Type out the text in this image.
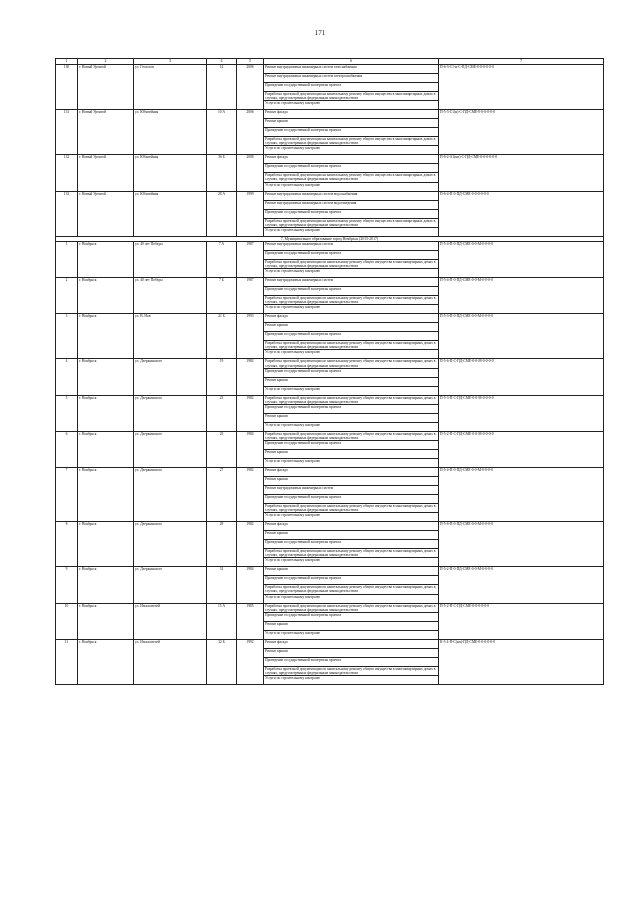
171
1	2	3	4	5	6	7
130	г. Новый Уренгой	ул. Геологов	14	2006	Ремонт внутридомовых инженерных систем газоснабжения	П-6-3-С1-н-С-ПД-СМЕ-0-0-0-0-0-0
					Ремонт внутридомовых инженерных систем электроснабжения	
					Проведение государственной экспертизы проекта	
					Разработка проектной документации на капитальному ремонту общего имущества в многоквартирных домах в случаях, предусмотренных федеральным законодательством	
					Услуги по строительному контролю	
131	г. Новый Уренгой	ул. Юбилейная	10 А	2006	Ремонт фасада	П-5-3-С1(н)-С-ПД-СМЕ-0-0-0-0-0-0
					Ремонт крыши	
					Проведение государственной экспертизы проекта	
					Разработка проектной документации на капитальному ремонту общего имущества в многоквартирных домах в случаях, предусмотренных федеральным законодательством	
					Услуги по строительному контролю	
132	г. Новый Уренгой	ул. Юбилейная	36 Б	2008	Ремонт фасада	П-6-2-А1(нп)-С-ПД-СМЕ-0-0-0-0-0-0
					Проведение государственной экспертизы проекта	
					Разработка проектной документации на капитальному ремонту общего имущества в многоквартирных домах в случаях, предусмотренных федеральным законодательством	
					Услуги по строительному контролю	
133	г. Новый Уренгой	ул. Юбилейная	28 А	1999	Ремонт внутридомовых инженерных систем водоснабжения	П-6-4-П-0-ПД-СМЕ-0-0-0-0-0-0
					Ремонт внутридомовых инженерных систем водоотведения	
					Проведение государственной экспертизы проекта	
					Разработка проектной документации на капитальному ремонту общего имущества в многоквартирных домах в случаях, предусмотренных федеральным законодательством	
					Услуги по строительному контролю	
7. Муниципальное образование город Ноябрьск (2015-2017)						
1	г. Ноябрьск	ул. 40 лет Победы	7 А	1987	Ремонт внутридомовых инженерных систем	П-5-4-П-0-ПД-СМЕ-0-0-М-0-0-0-0
					Проведение государственной экспертизы проекта	
					Разработка проектной документации по капитальному ремонту общего имущества в многоквартирных домах в случаях, предусмотренных федеральным законодательством	
					Услуги по строительному контролю	
2	г. Ноябрьск	ул. 40 лет Победы	7 Б	1987	Ремонт внутридомовых инженерных систем	П-5-4-П-0-ПД-СМЕ-0-0-М-0-0-0-0
					Проведение государственной экспертизы проекта	
					Разработка проектной документации по капитальному ремонту общего имущества в многоквартирных домах в случаях, предусмотренных федеральным законодательством	
					Услуги по строительному контролю	
3	г. Ноябрьск	ул. В. Нов	21 Б	1993	Ремонт фасада	П-5-3-П-0-ПД-СМЕ-0-0-М-0-0-0-0
					Ремонт крыши	
					Проведение государственной экспертизы проекта	
					Разработка проектной документации по капитальному ремонту общего имущества в многоквартирных домах в случаях, предусмотренных федеральным законодательством	
					Услуги по строительному контролю	
4	г. Ноябрьск	ул. Дзержинского	19	1982	Разработка проектной документации по капитальному ремонту общего имущества в многоквартирных домах в случаях, предусмотренных федеральным законодательством	П-5-6-П-С-ПД-СМЕ-0-0-М-0-0-0-0
					Проведение государственной экспертизы проекта	
					Ремонт крыши	
					Услуги по строительному контролю	
5	г. Ноябрьск	ул. Дзержинского	23	1982	Разработка проектной документации по капитальному ремонту общего имущества в многоквартирных домах в случаях, предусмотренных федеральным законодательством	П-5-3-П-С-ПД-СМЕ-0-0-М-0-0-0-0
					Проведение государственной экспертизы проекта	
					Ремонт крыши	
					Услуги по строительному контролю	
6	г. Ноябрьск	ул. Дзержинского	25	1984	Разработка проектной документации по капитальному ремонту общего имущества в многоквартирных домах в случаях, предусмотренных федеральным законодательством	П-5-2-П-С-ПД-СМЕ-0-0-М-0-0-0-0
					Проведение государственной экспертизы проекта	
					Ремонт крыши	
					Услуги по строительному контролю	
7	г. Ноябрьск	ул. Дзержинского	27	1982	Ремонт фасада	П-5-4-П-0-ПД-СМЕ-0-0-М-0-0-0-0
					Ремонт крыши	
					Ремонт внутридомовых инженерных систем	
					Проведение государственной экспертизы проекта	
					Разработка проектной документации по капитальному ремонту общего имущества в многоквартирных домах в случаях, предусмотренных федеральным законодательством	
					Услуги по строительному контролю	
8	г. Ноябрьск	ул. Дзержинского	29	1982	Ремонт фасада	П-5-6-П-0-ПД-СМЕ-0-0-М-0-0-0-0
					Ремонт крыши	
					Проведение государственной экспертизы проекта	
					Разработка проектной документации по капитальному ремонту общего имущества в многоквартирных домах в случаях, предусмотренных федеральным законодательством	
					Услуги по строительному контролю	
9	г. Ноябрьск	ул. Дзержинского	31	1984	Ремонт крыши	П-5-2-П-0-ПД-СМЕ-0-0-М-0-0-0-0
					Проведение государственной экспертизы проекта	
					Разработка проектной документации по капитальному ремонту общего имущества в многоквартирных домах в случаях, предусмотренных федеральным законодательством	
					Услуги по строительному контролю	
10	г. Ноябрьск	ул. Изыскателей	15 А	1985	Разработка проектной документации по капитальному ремонту общего имущества в многоквартирных домах в случаях, предусмотренных федеральным законодательством	П-5-2-П-С-ПД-СМЕ-0-0-0-0-0-0
					Проведение государственной экспертизы проекта	
					Ремонт крыши	
					Услуги по строительному контролю	
11	г. Ноябрьск	ул. Изыскателей	32 Б	1992	Ремонт фасада	К-5-4-П-С(нп)-ПД-СМЕ-0-0-0-0-0-0
					Ремонт крыши	
					Проведение государственной экспертизы проекта	
					Разработка проектной документации по капитальному ремонту общего имущества в многоквартирных домах в случаях, предусмотренных федеральным законодательством	
					Услуги по строительному контролю	
